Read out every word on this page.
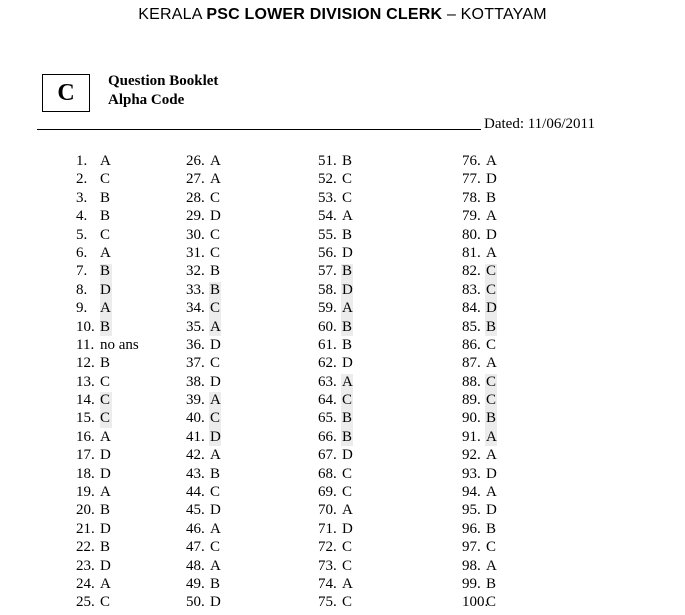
KERALA PSC LOWER DIVISION CLERK – KOTTAYAM
C	Question Booklet
Alpha Code
Dated: 11/06/2011
1. A
2. C
3. B
4. B
5. C
6. A
7. B
8. D
9. A
10. B
11. no ans
12. B
13. C
14. C
15. C
16. A
17. D
18. D
19. A
20. B
21. D
22. B
23. D
24. A
25. C
26. A
27. A
28. C
29. D
30. C
31. C
32. B
33. B
34. C
35. A
36. D
37. C
38. D
39. A
40. C
41. D
42. A
43. B
44. C
45. D
46. A
47. C
48. A
49. B
50. D
51. B
52. C
53. C
54. A
55. B
56. D
57. B
58. D
59. A
60. B
61. B
62. D
63. A
64. C
65. B
66. B
67. D
68. C
69. C
70. A
71. D
72. C
73. C
74. A
75. C
76. A
77. D
78. B
79. A
80. D
81. A
82. C
83. C
84. D
85. B
86. C
87. A
88. C
89. C
90. B
91. A
92. A
93. D
94. A
95. D
96. B
97. C
98. A
99. B
100.C
